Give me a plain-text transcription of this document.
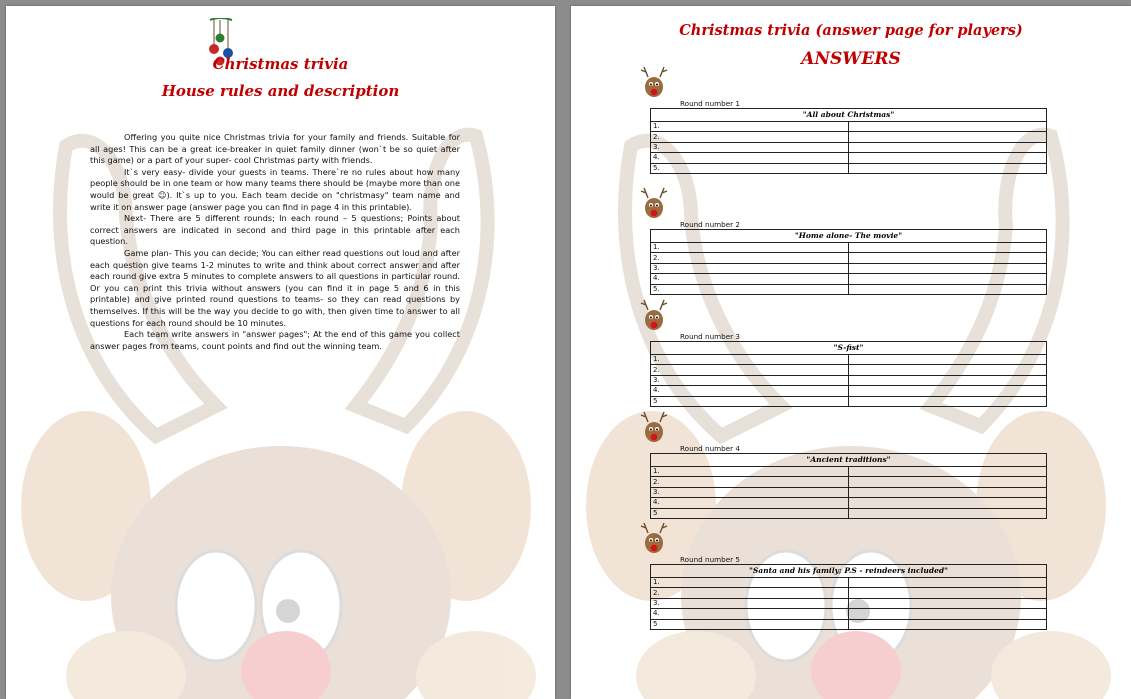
Christmas trivia
House rules and description

Offering you quite nice Christmas trivia for your family and friends. Suitable for all ages! This can be a great ice-breaker in quiet family dinner (won`t be so quiet after this game) or a part of your super- cool Christmas party with friends.

It`s very easy- divide your guests in teams. There`re no rules about how many people should be in one team or how many teams there should be (maybe more than one would be great ☺). It`s up to you. Each team decide on "christmasy" team name and write it on answer page (answer page you can find in page 4 in this printable).

Next- There are 5 different rounds; In each round – 5 questions; Points about correct answers are indicated in second and third page in this printable after each question.

Game plan- This you can decide; You can either read questions out loud and after each question give teams 1-2 minutes to write and think about correct answer and after each round give extra 5 minutes to complete answers to all questions in particular round. Or you can print this trivia without answers (you can find it in page 5 and 6 in this printable) and give printed round questions to teams- so they can read questions by themselves. If this will be the way you decide to go with, then given time to answer to all questions for each round should be 10 minutes.

Each team write answers in "answer pages"; At the end of this game you collect answer pages from teams, count points and find out the winning team.

Christmas trivia (answer page for players)
ANSWERS
Round number 1
"All about Christmas"	
1.	
2.	
3.	
4.	
5.	
Round number 2
"Home alone- The movie"	
1.	
2.	
3.	
4.	
5.	
Round number 3
"S-fist"	
1.	
2.	
3.	
4.	
5	
Round number 4
"Ancient traditions"	
1.	
2.	
3.	
4.	
5	
Round number 5
"Santa and his family; P.S - reindeers included"	
1.	
2.	
3.	
4.	
5	
